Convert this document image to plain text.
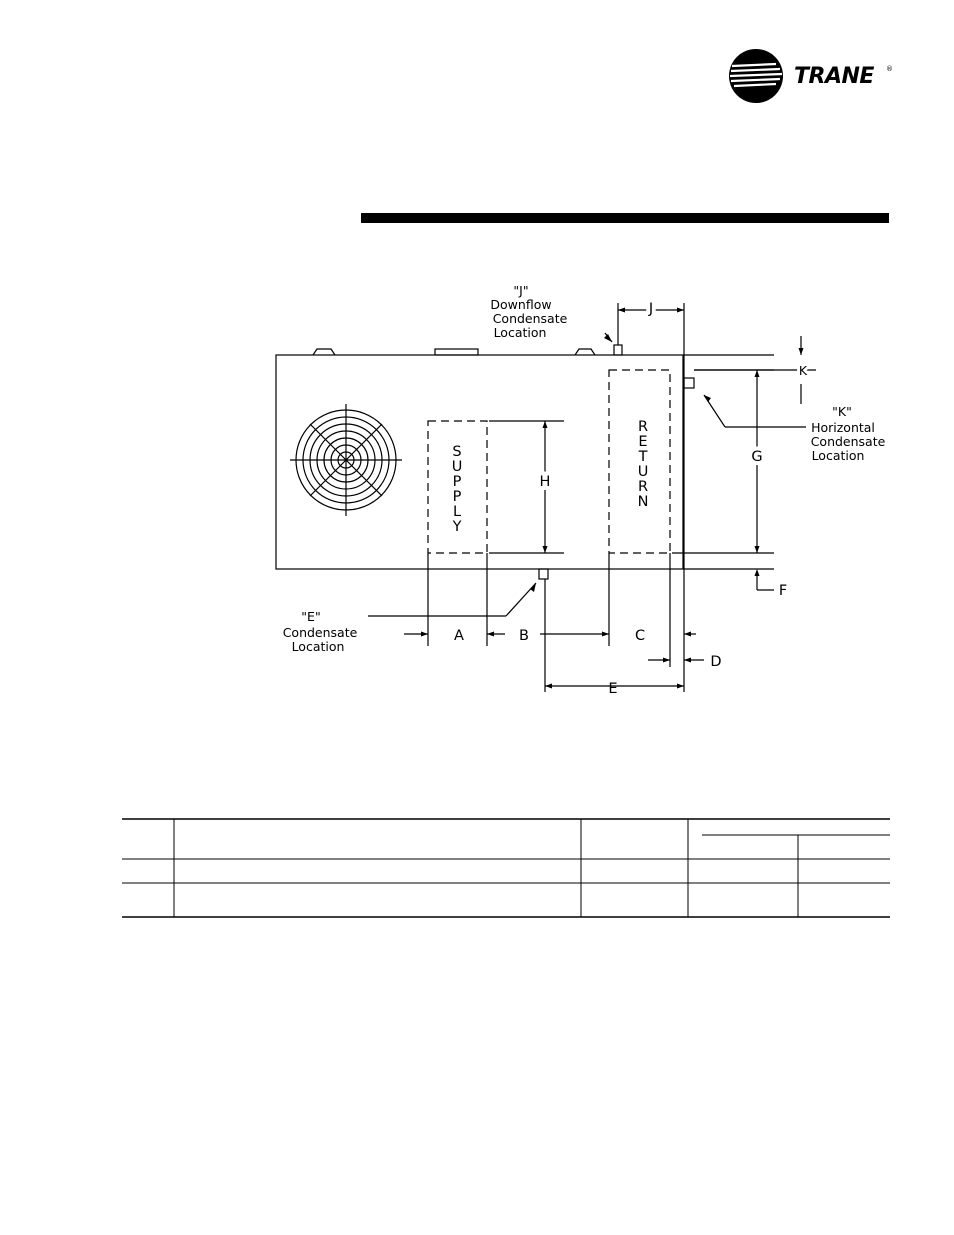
TRANE ®
"J"
Downflow
Condensate
Location
"K"
Horizontal
Condensate
Location
"E"
Condensate
Location
S
U
P
P
L
Y
R
E
T
U
R
N
A	B	C
D
E
F
G
H
J
K
